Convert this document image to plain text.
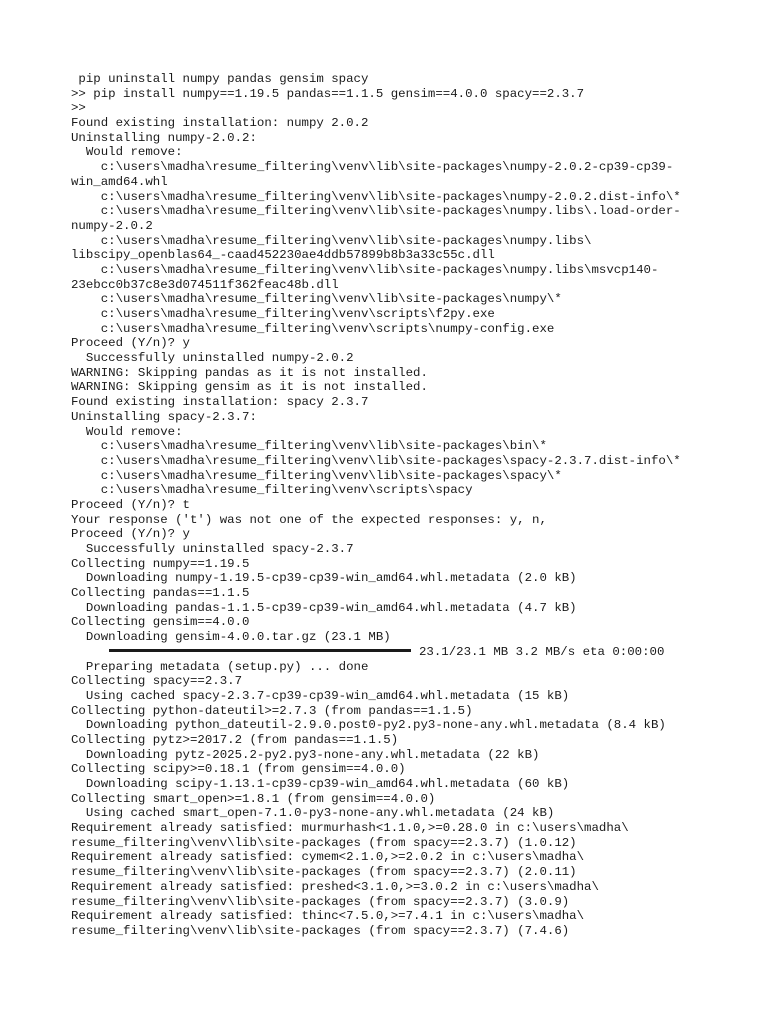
pip uninstall numpy pandas gensim spacy
>> pip install numpy==1.19.5 pandas==1.1.5 gensim==4.0.0 spacy==2.3.7
>>
Found existing installation: numpy 2.0.2
Uninstalling numpy-2.0.2:
Would remove:
c:\users\madha\resume_filtering\venv\lib\site-packages\numpy-2.0.2-cp39-cp39-
win_amd64.whl
c:\users\madha\resume_filtering\venv\lib\site-packages\numpy-2.0.2.dist-info\*
c:\users\madha\resume_filtering\venv\lib\site-packages\numpy.libs\.load-order-
numpy-2.0.2
c:\users\madha\resume_filtering\venv\lib\site-packages\numpy.libs\
libscipy_openblas64_-caad452230ae4ddb57899b8b3a33c55c.dll
c:\users\madha\resume_filtering\venv\lib\site-packages\numpy.libs\msvcp140-
23ebcc0b37c8e3d074511f362feac48b.dll
c:\users\madha\resume_filtering\venv\lib\site-packages\numpy\*
c:\users\madha\resume_filtering\venv\scripts\f2py.exe
c:\users\madha\resume_filtering\venv\scripts\numpy-config.exe
Proceed (Y/n)? y
Successfully uninstalled numpy-2.0.2
WARNING: Skipping pandas as it is not installed.
WARNING: Skipping gensim as it is not installed.
Found existing installation: spacy 2.3.7
Uninstalling spacy-2.3.7:
Would remove:
c:\users\madha\resume_filtering\venv\lib\site-packages\bin\*
c:\users\madha\resume_filtering\venv\lib\site-packages\spacy-2.3.7.dist-info\*
c:\users\madha\resume_filtering\venv\lib\site-packages\spacy\*
c:\users\madha\resume_filtering\venv\scripts\spacy
Proceed (Y/n)? t
Your response ('t') was not one of the expected responses: y, n,
Proceed (Y/n)? y
Successfully uninstalled spacy-2.3.7
Collecting numpy==1.19.5
Downloading numpy-1.19.5-cp39-cp39-win_amd64.whl.metadata (2.0 kB)
Collecting pandas==1.1.5
Downloading pandas-1.1.5-cp39-cp39-win_amd64.whl.metadata (4.7 kB)
Collecting gensim==4.0.0
Downloading gensim-4.0.0.tar.gz (23.1 MB)
23.1/23.1 MB 3.2 MB/s eta 0:00:00
Preparing metadata (setup.py) ... done
Collecting spacy==2.3.7
Using cached spacy-2.3.7-cp39-cp39-win_amd64.whl.metadata (15 kB)
Collecting python-dateutil>=2.7.3 (from pandas==1.1.5)
Downloading python_dateutil-2.9.0.post0-py2.py3-none-any.whl.metadata (8.4 kB)
Collecting pytz>=2017.2 (from pandas==1.1.5)
Downloading pytz-2025.2-py2.py3-none-any.whl.metadata (22 kB)
Collecting scipy>=0.18.1 (from gensim==4.0.0)
Downloading scipy-1.13.1-cp39-cp39-win_amd64.whl.metadata (60 kB)
Collecting smart_open>=1.8.1 (from gensim==4.0.0)
Using cached smart_open-7.1.0-py3-none-any.whl.metadata (24 kB)
Requirement already satisfied: murmurhash<1.1.0,>=0.28.0 in c:\users\madha\
resume_filtering\venv\lib\site-packages (from spacy==2.3.7) (1.0.12)
Requirement already satisfied: cymem<2.1.0,>=2.0.2 in c:\users\madha\
resume_filtering\venv\lib\site-packages (from spacy==2.3.7) (2.0.11)
Requirement already satisfied: preshed<3.1.0,>=3.0.2 in c:\users\madha\
resume_filtering\venv\lib\site-packages (from spacy==2.3.7) (3.0.9)
Requirement already satisfied: thinc<7.5.0,>=7.4.1 in c:\users\madha\
resume_filtering\venv\lib\site-packages (from spacy==2.3.7) (7.4.6)
